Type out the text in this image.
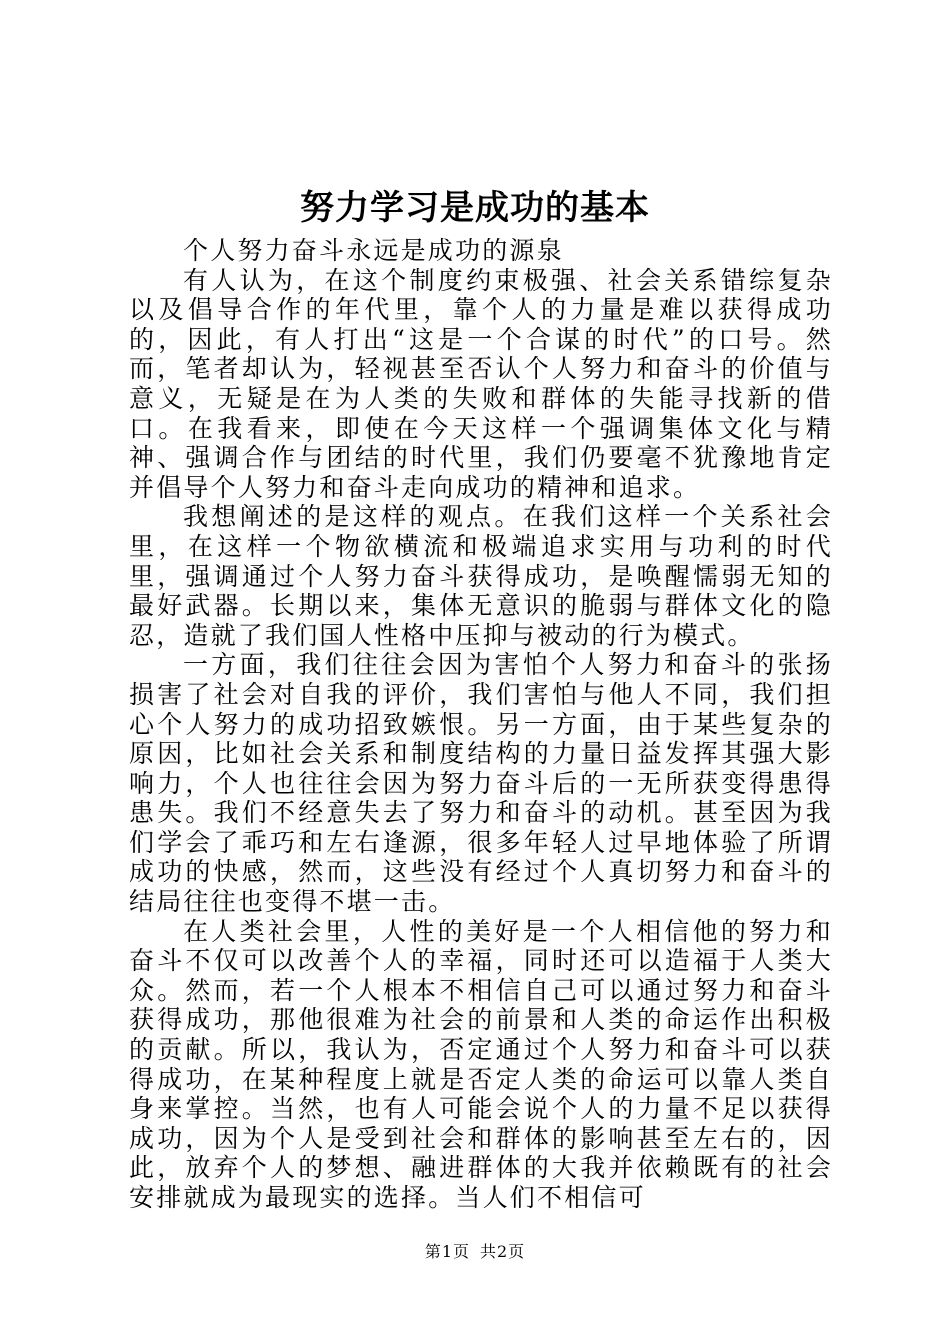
努力学习是成功的基本

个人努力奋斗永远是成功的源泉

有人认为，在这个制度约束极强、社会关系错综复杂以及倡导合作的年代里，靠个人的力量是难以获得成功的，因此，有人打出“这是一个合谋的时代”的口号。然而，笔者却认为，轻视甚至否认个人努力和奋斗的价值与意义，无疑是在为人类的失败和群体的失能寻找新的借口。在我看来，即使在今天这样一个强调集体文化与精神、强调合作与团结的时代里，我们仍要毫不犹豫地肯定并倡导个人努力和奋斗走向成功的精神和追求。

我想阐述的是这样的观点。在我们这样一个关系社会里，在这样一个物欲横流和极端追求实用与功利的时代里，强调通过个人努力奋斗获得成功，是唤醒懦弱无知的最好武器。长期以来，集体无意识的脆弱与群体文化的隐忍，造就了我们国人性格中压抑与被动的行为模式。

一方面，我们往往会因为害怕个人努力和奋斗的张扬损害了社会对自我的评价，我们害怕与他人不同，我们担心个人努力的成功招致嫉恨。另一方面，由于某些复杂的原因，比如社会关系和制度结构的力量日益发挥其强大影响力，个人也往往会因为努力奋斗后的一无所获变得患得患失。我们不经意失去了努力和奋斗的动机。甚至因为我们学会了乖巧和左右逢源，很多年轻人过早地体验了所谓成功的快感，然而，这些没有经过个人真切努力和奋斗的结局往往也变得不堪一击。

在人类社会里，人性的美好是一个人相信他的努力和奋斗不仅可以改善个人的幸福，同时还可以造福于人类大众。然而，若一个人根本不相信自己可以通过努力和奋斗获得成功，那他很难为社会的前景和人类的命运作出积极的贡献。所以，我认为，否定通过个人努力和奋斗可以获得成功，在某种程度上就是否定人类的命运可以靠人类自身来掌控。当然，也有人可能会说个人的力量不足以获得成功，因为个人是受到社会和群体的影响甚至左右的，因此，放弃个人的梦想、融进群体的大我并依赖既有的社会安排就成为最现实的选择。当人们不相信可

第1页 共2页
